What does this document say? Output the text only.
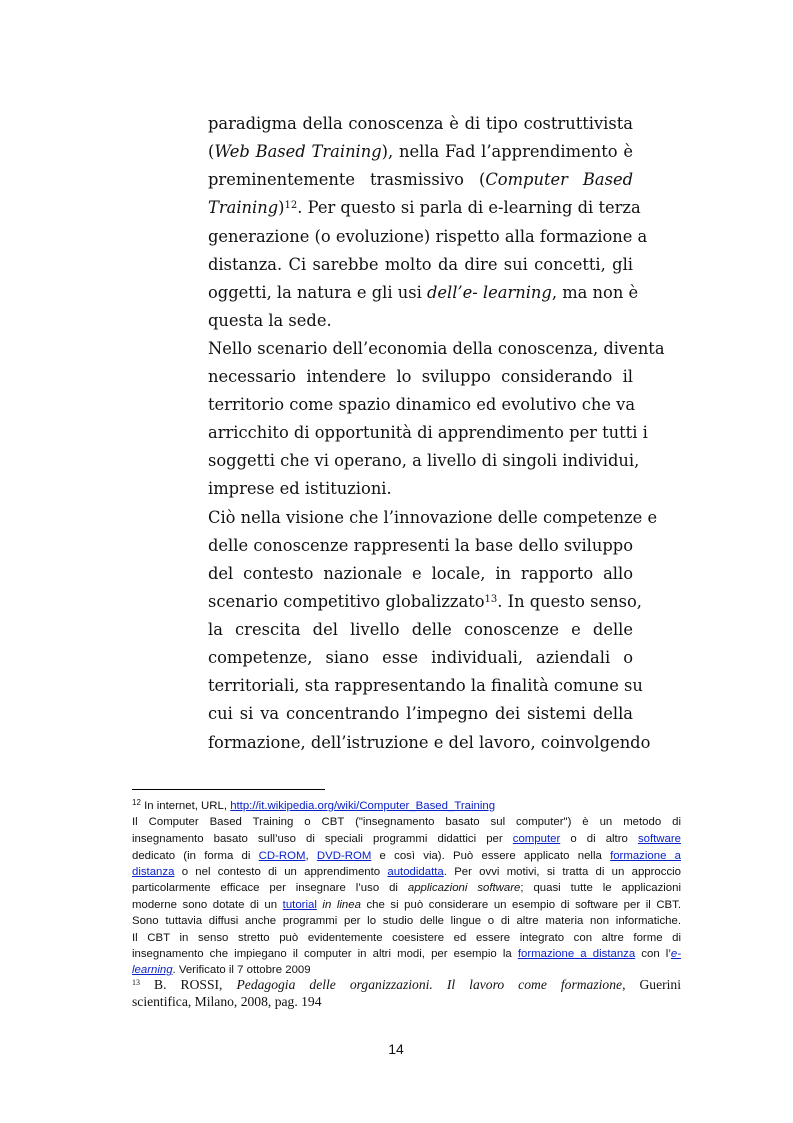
paradigma della conoscenza è di tipo costruttivista
(Web Based Training), nella Fad l’apprendimento è
preminentemente trasmissivo (Computer Based
Training)$^{12}$. Per questo si parla di e-learning di terza
generazione (o evoluzione) rispetto alla formazione a
distanza. Ci sarebbe molto da dire sui concetti, gli
oggetti, la natura e gli usi dell’e- learning, ma non è
questa la sede.
Nello scenario dell’economia della conoscenza, diventa
necessario intendere lo sviluppo considerando il
territorio come spazio dinamico ed evolutivo che va
arricchito di opportunità di apprendimento per tutti i
soggetti che vi operano, a livello di singoli individui,
imprese ed istituzioni.
Ciò nella visione che l’innovazione delle competenze e
delle conoscenze rappresenti la base dello sviluppo
del contesto nazionale e locale, in rapporto allo
scenario competitivo globalizzato$^{13}$. In questo senso,
la crescita del livello delle conoscenze e delle
competenze, siano esse individuali, aziendali o
territoriali, sta rappresentando la finalità comune su
cui si va concentrando l’impegno dei sistemi della
formazione, dell’istruzione e del lavoro, coinvolgendo
$^{12}$ In internet, URL, http://it.wikipedia.org/wiki/Computer_Based_Training
Il Computer Based Training o CBT ("insegnamento basato sul computer") è un metodo di
insegnamento basato sull’uso di speciali programmi didattici per computer o di altro software
dedicato (in forma di CD-ROM, DVD-ROM e così via). Può essere applicato nella formazione a
distanza o nel contesto di un apprendimento autodidatta. Per ovvi motivi, si tratta di un approccio
particolarmente efficace per insegnare l’uso di applicazioni software; quasi tutte le applicazioni
moderne sono dotate di un tutorial in linea che si può considerare un esempio di software per il CBT.
Sono tuttavia diffusi anche programmi per lo studio delle lingue o di altre materia non informatiche.
Il CBT in senso stretto può evidentemente coesistere ed essere integrato con altre forme di
insegnamento che impiegano il computer in altri modi, per esempio la formazione a distanza con l’e-
learning. Verificato il 7 ottobre 2009
$^{13}$ B. ROSSI, Pedagogia delle organizzazioni. Il lavoro come formazione, Guerini
scientifica, Milano, 2008, pag. 194
14
